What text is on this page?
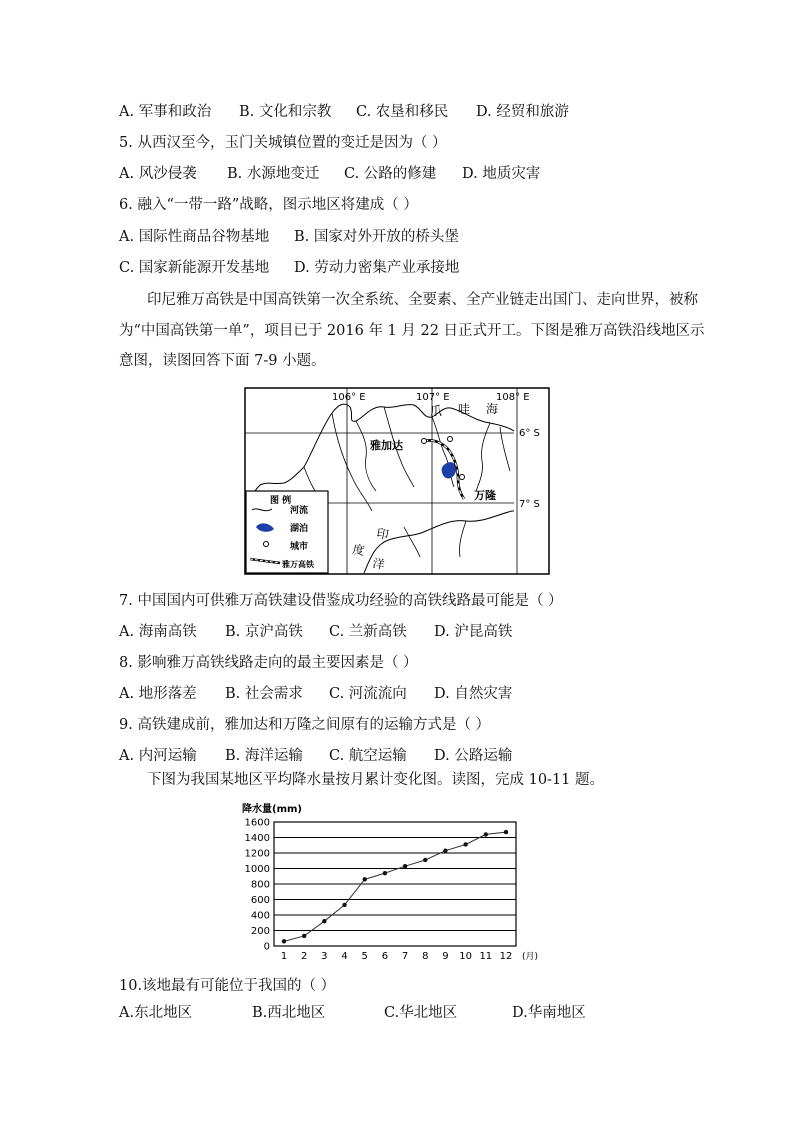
A. 军事和政治 B. 文化和宗教 C. 农垦和移民 D. 经贸和旅游
5. 从西汉至今，玉门关城镇位置的变迁是因为（ ）
A. 风沙侵袭 B. 水源地变迁 C. 公路的修建 D. 地质灾害
6. 融入“一带一路”战略，图示地区将建成（ ）
A. 国际性商品谷物基地 B. 国家对外开放的桥头堡
C. 国家新能源开发基地 D. 劳动力密集产业承接地
印尼雅万高铁是中国高铁第一次全系统、全要素、全产业链走出国门、走向世界，被称
为“中国高铁第一单”，项目已于 2016 年 1 月 22 日正式开工。下图是雅万高铁沿线地区示
意图，读图回答下面 7-9 小题。
106° E	107° E	108° E
6° S
7° S
雅加达
万隆
爪 哇 海
印
度
洋
图 例
河流
湖泊
城市
雅万高铁
7. 中国国内可供雅万高铁建设借鉴成功经验的高铁线路最可能是（ ）
A. 海南高铁 B. 京沪高铁 C. 兰新高铁 D. 沪昆高铁
8. 影响雅万高铁线路走向的最主要因素是（ ）
A. 地形落差 B. 社会需求 C. 河流流向 D. 自然灾害
9. 高铁建成前，雅加达和万隆之间原有的运输方式是（ ）
A. 内河运输 B. 海洋运输 C. 航空运输 D. 公路运输
下图为我国某地区平均降水量按月累计变化图。读图，完成 10-11 题。
降水量(mm)
0
200
400
600
800
1000
1200
1400
1600
1 2 3 4 5 6 7 8 9 10 11 12 (月)
10.该地最有可能位于我国的（ ）
A.东北地区	B.西北地区	C.华北地区	D.华南地区
